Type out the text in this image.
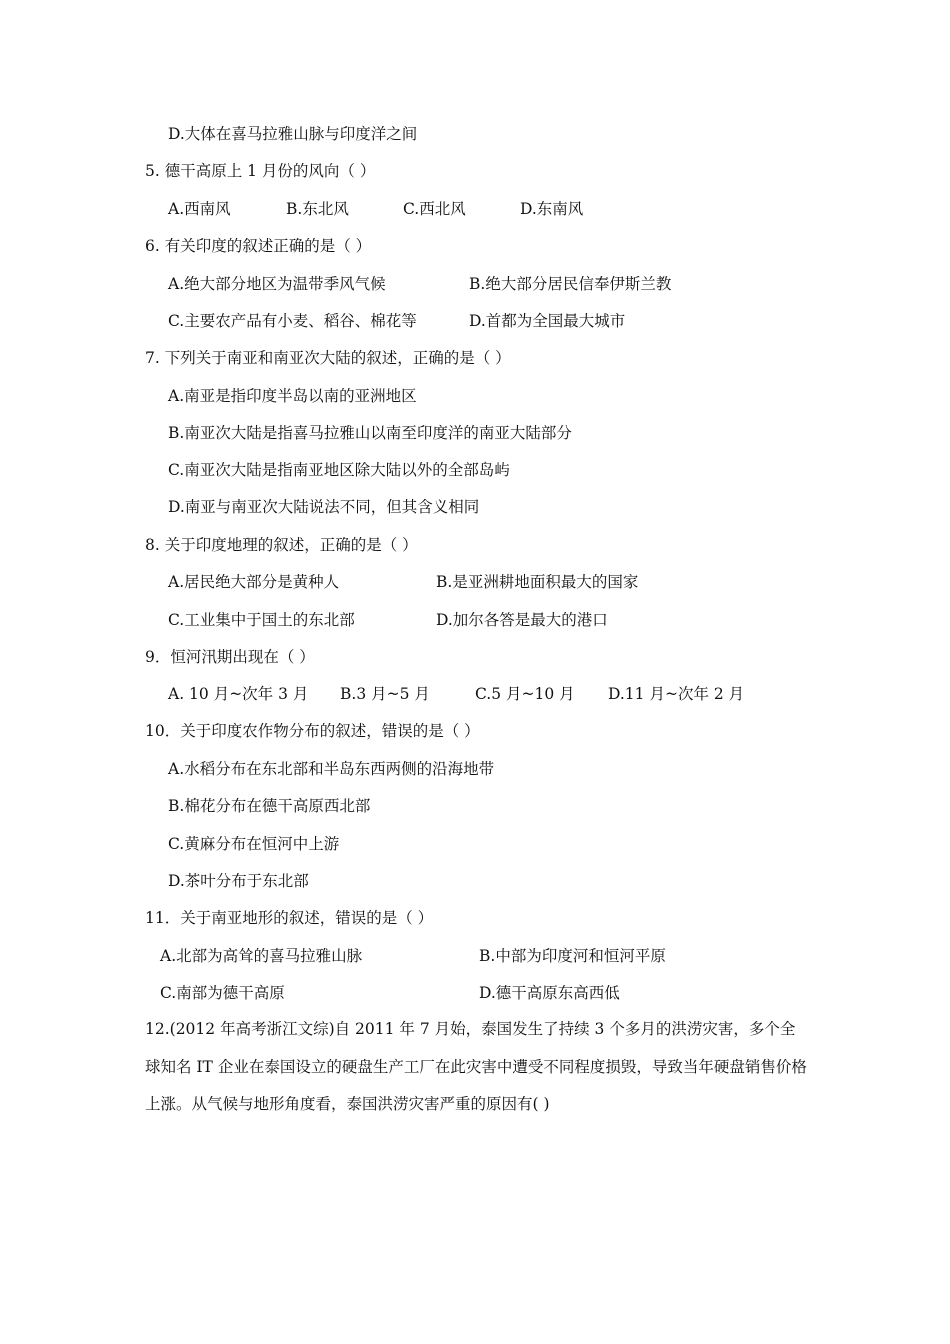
D.大体在喜马拉雅山脉与印度洋之间
5. 德干高原上 1 月份的风向（ ）
A.西南风	B.东北风	C.西北风	D.东南风
6. 有关印度的叙述正确的是（ ）
A.绝大部分地区为温带季风气候	B.绝大部分居民信奉伊斯兰教
C.主要农产品有小麦、稻谷、棉花等	D.首都为全国最大城市
7. 下列关于南亚和南亚次大陆的叙述，正确的是（ ）
A.南亚是指印度半岛以南的亚洲地区
B.南亚次大陆是指喜马拉雅山以南至印度洋的南亚大陆部分
C.南亚次大陆是指南亚地区除大陆以外的全部岛屿
D.南亚与南亚次大陆说法不同，但其含义相同
8. 关于印度地理的叙述，正确的是（ ）
A.居民绝大部分是黄种人	B.是亚洲耕地面积最大的国家
C.工业集中于国土的东北部	D.加尔各答是最大的港口
9．恒河汛期出现在（ ）
A. 10 月~次年 3 月 B.3 月~5 月	C.5 月~10 月 D.11 月~次年 2 月
10．关于印度农作物分布的叙述，错误的是（ ）
A.水稻分布在东北部和半岛东西两侧的沿海地带
B.棉花分布在德干高原西北部
C.黄麻分布在恒河中上游
D.茶叶分布于东北部
11．关于南亚地形的叙述，错误的是（ ）
A.北部为高耸的喜马拉雅山脉	B.中部为印度河和恒河平原
C.南部为德干高原	D.德干高原东高西低
12.(2012 年高考浙江文综)自 2011 年 7 月始，泰国发生了持续 3 个多月的洪涝灾害，多个全球知名 IT 企业在泰国设立的硬盘生产工厂在此灾害中遭受不同程度损毁，导致当年硬盘销售价格上涨。从气候与地形角度看，泰国洪涝灾害严重的原因有( )
